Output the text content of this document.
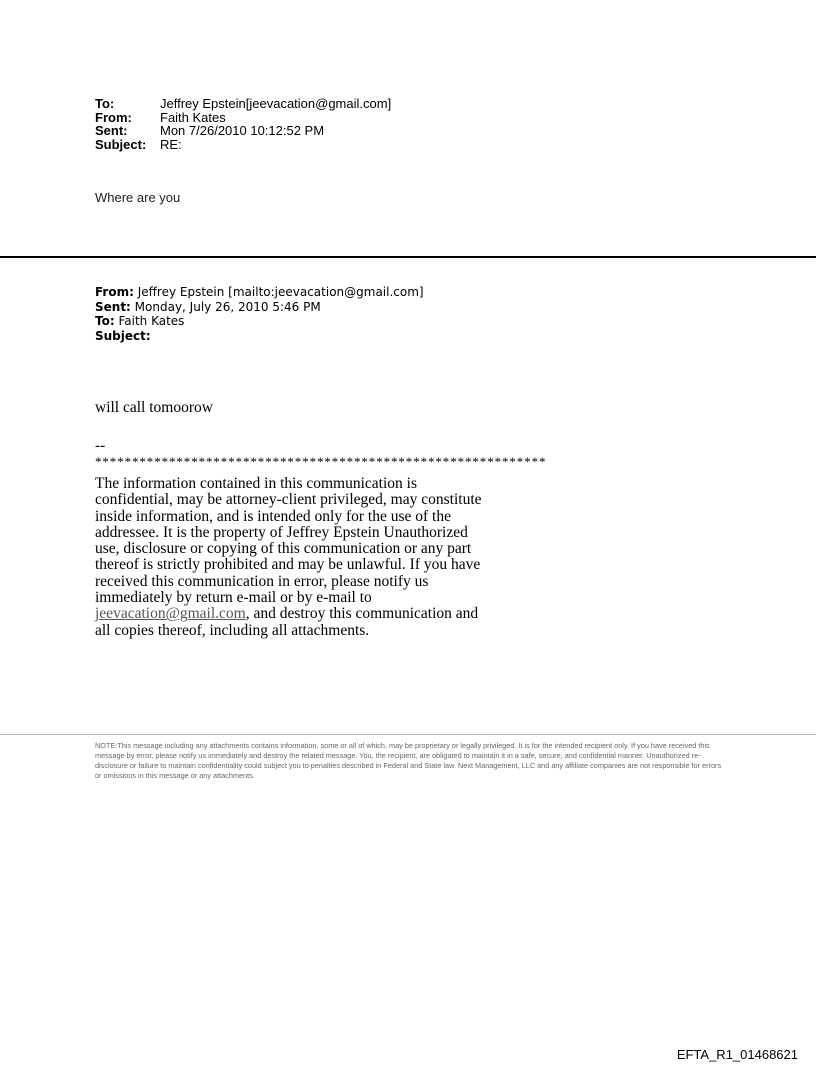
To:	Jeffrey Epstein[jeevacation@gmail.com]
From:	Faith Kates
Sent:	Mon 7/26/2010 10:12:52 PM
Subject:	RE:
Where are you
From: Jeffrey Epstein [mailto:jeevacation@gmail.com]
Sent: Monday, July 26, 2010 5:46 PM
To: Faith Kates
Subject:
will call tomoorow
--
*************************************************************
The information contained in this communication is confidential, may be attorney-client privileged, may constitute inside information, and is intended only for the use of the addressee. It is the property of Jeffrey Epstein Unauthorized use, disclosure or copying of this communication or any part thereof is strictly prohibited and may be unlawful. If you have received this communication in error, please notify us immediately by return e-mail or by e-mail to jeevacation@gmail.com, and destroy this communication and all copies thereof, including all attachments.
NOTE:This message including any attachments contains information, some or all of which, may be proprietary or legally privileged. It is for the intended recipient only. If you have received this message by error, please notify us immediately and destroy the related message. You, the recipient, are obligated to maintain it in a safe, secure, and confidential manner. Unauthorized re-disclosure or failure to maintain confidentiality could subject you to penalties described in Federal and State law. Next Management, LLC and any affiliate companies are not responsible for errors or omissions in this message or any attachments.
EFTA_R1_01468621
